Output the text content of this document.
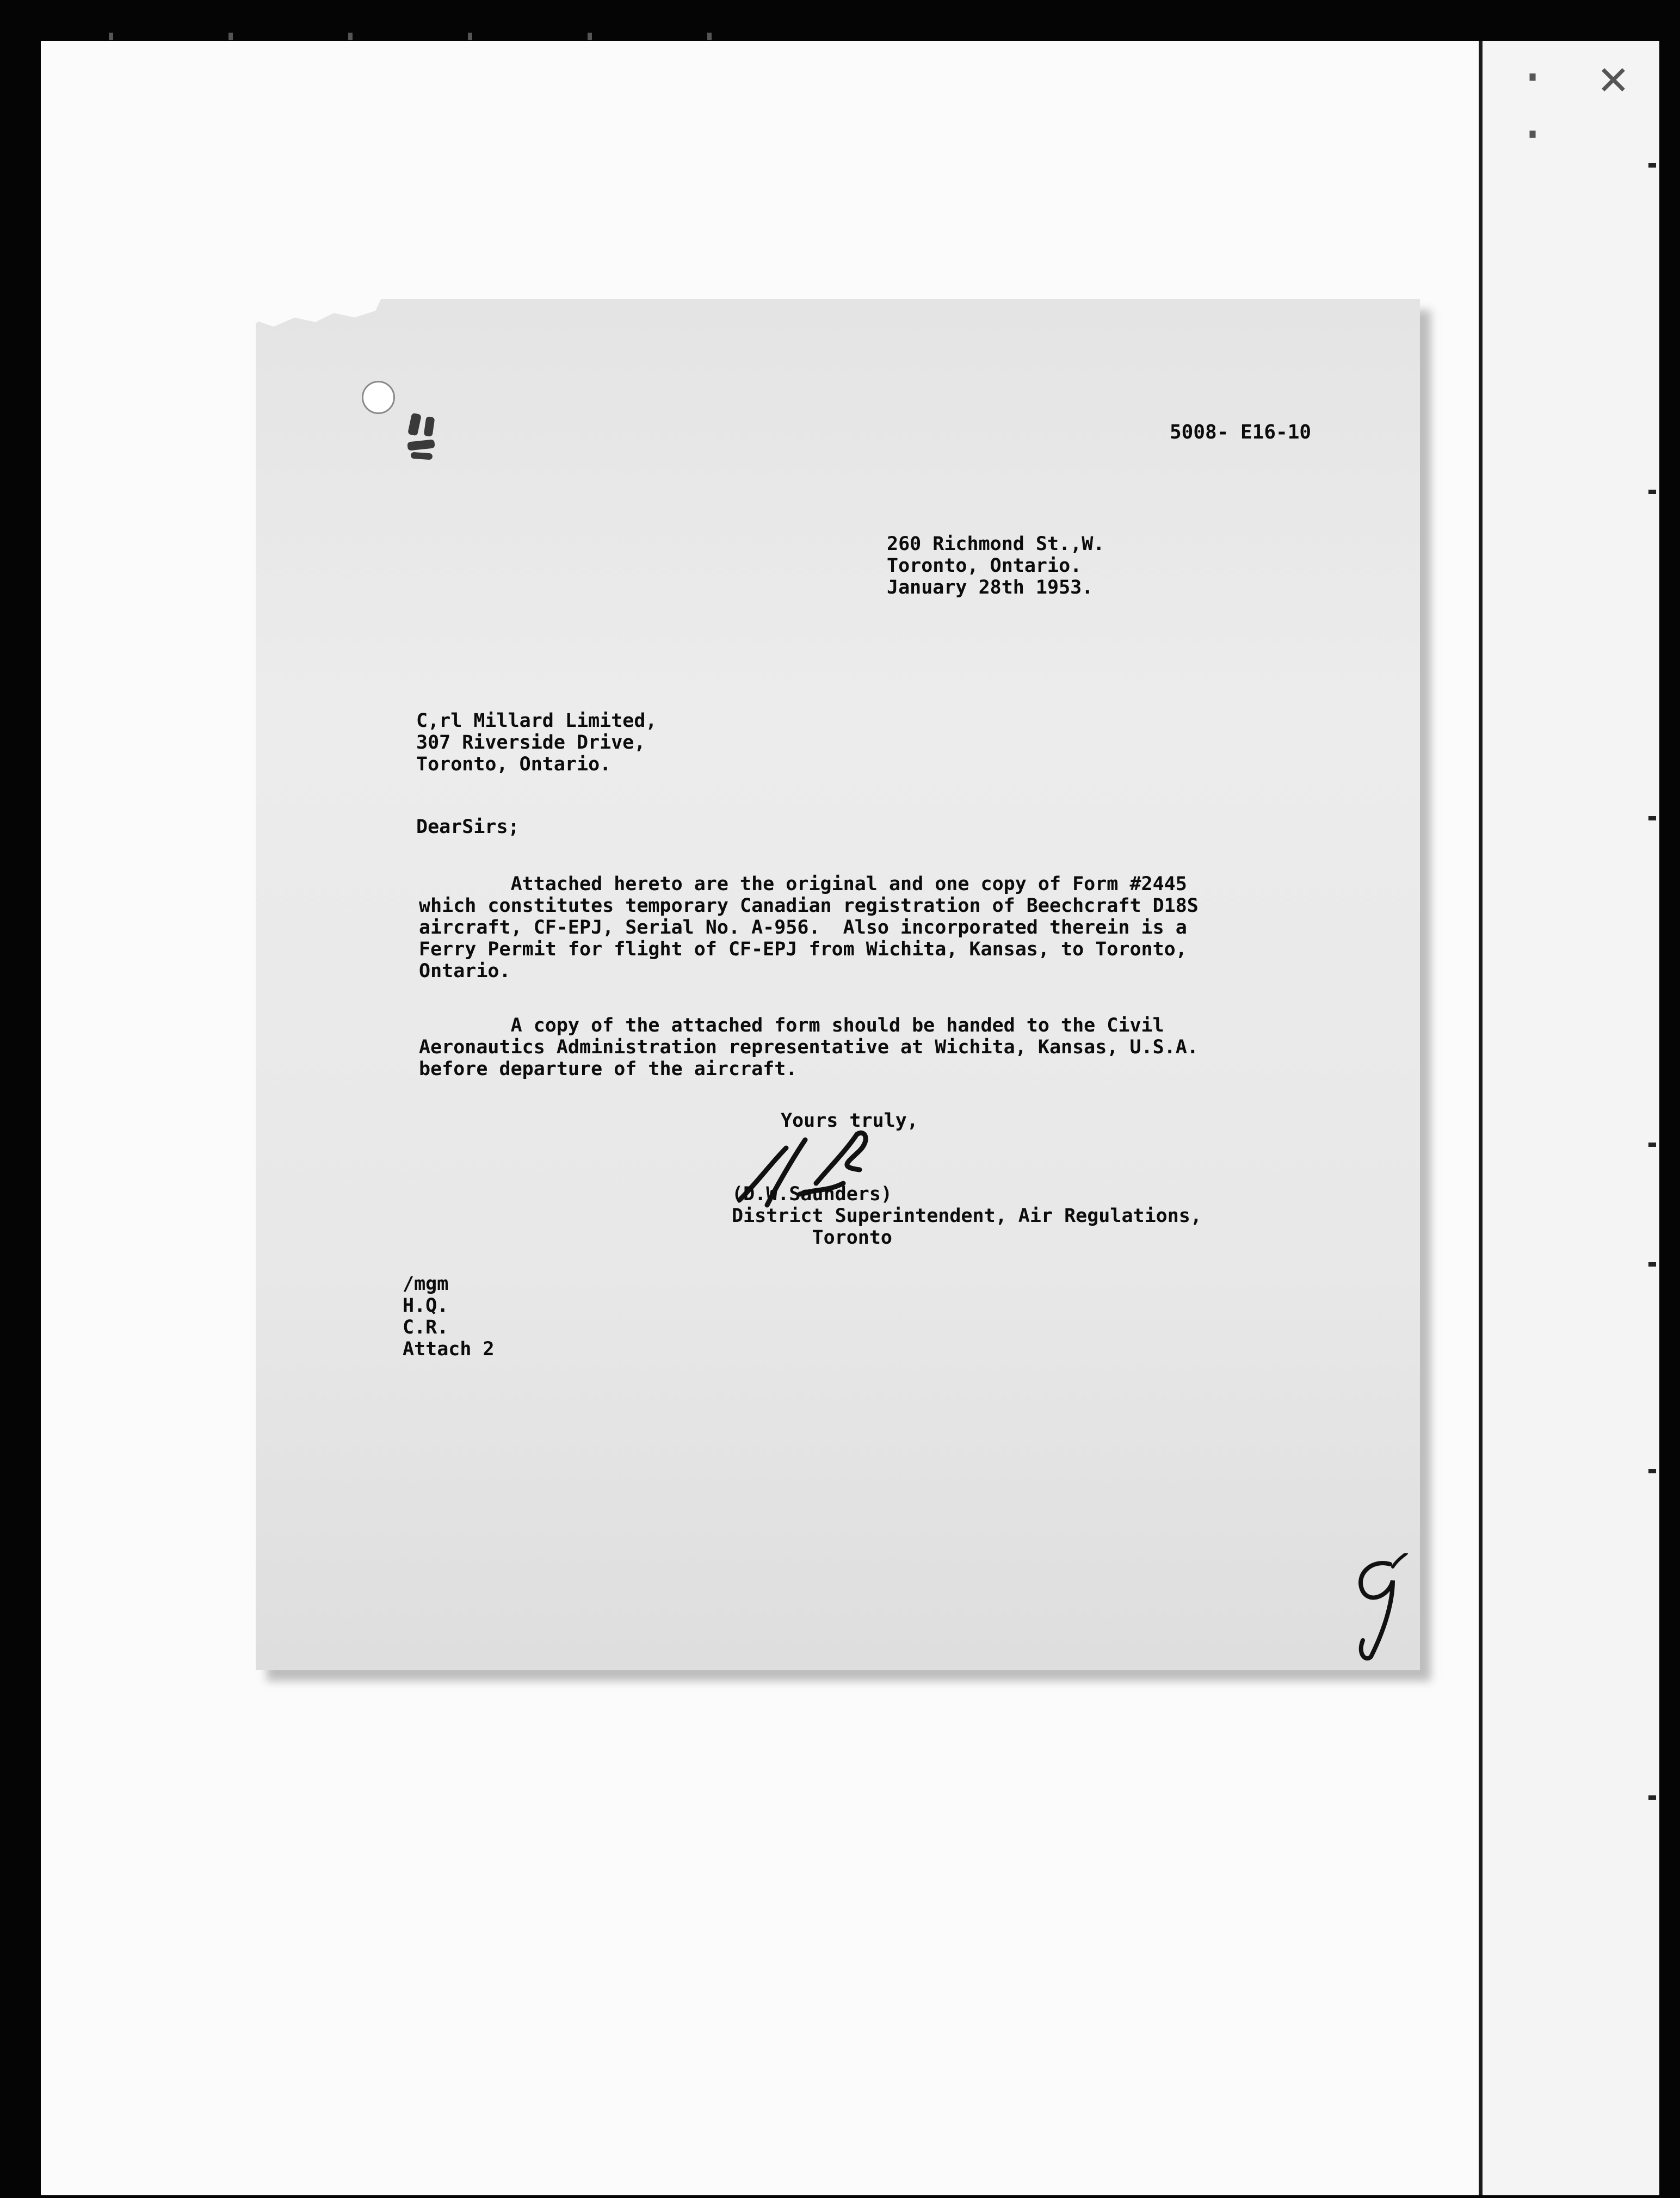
· ✕ ·
5008- E16-10
260 Richmond St.,W.
Toronto, Ontario.
January 28th 1953.
C,rl Millard Limited,
307 Riverside Drive,
Toronto, Ontario.
DearSirs;
Attached hereto are the original and one copy of Form #2445
which constitutes temporary Canadian registration of Beechcraft D18S
aircraft, CF-EPJ, Serial No. A-956.  Also incorporated therein is a
Ferry Permit for flight of CF-EPJ from Wichita, Kansas, to Toronto,
Ontario.
A copy of the attached form should be handed to the Civil
Aeronautics Administration representative at Wichita, Kansas, U.S.A.
before departure of the aircraft.
Yours truly,
(D.W.Saunders)
District Superintendent, Air Regulations,
Toronto
/mgm
H.Q.
C.R.
Attach 2
